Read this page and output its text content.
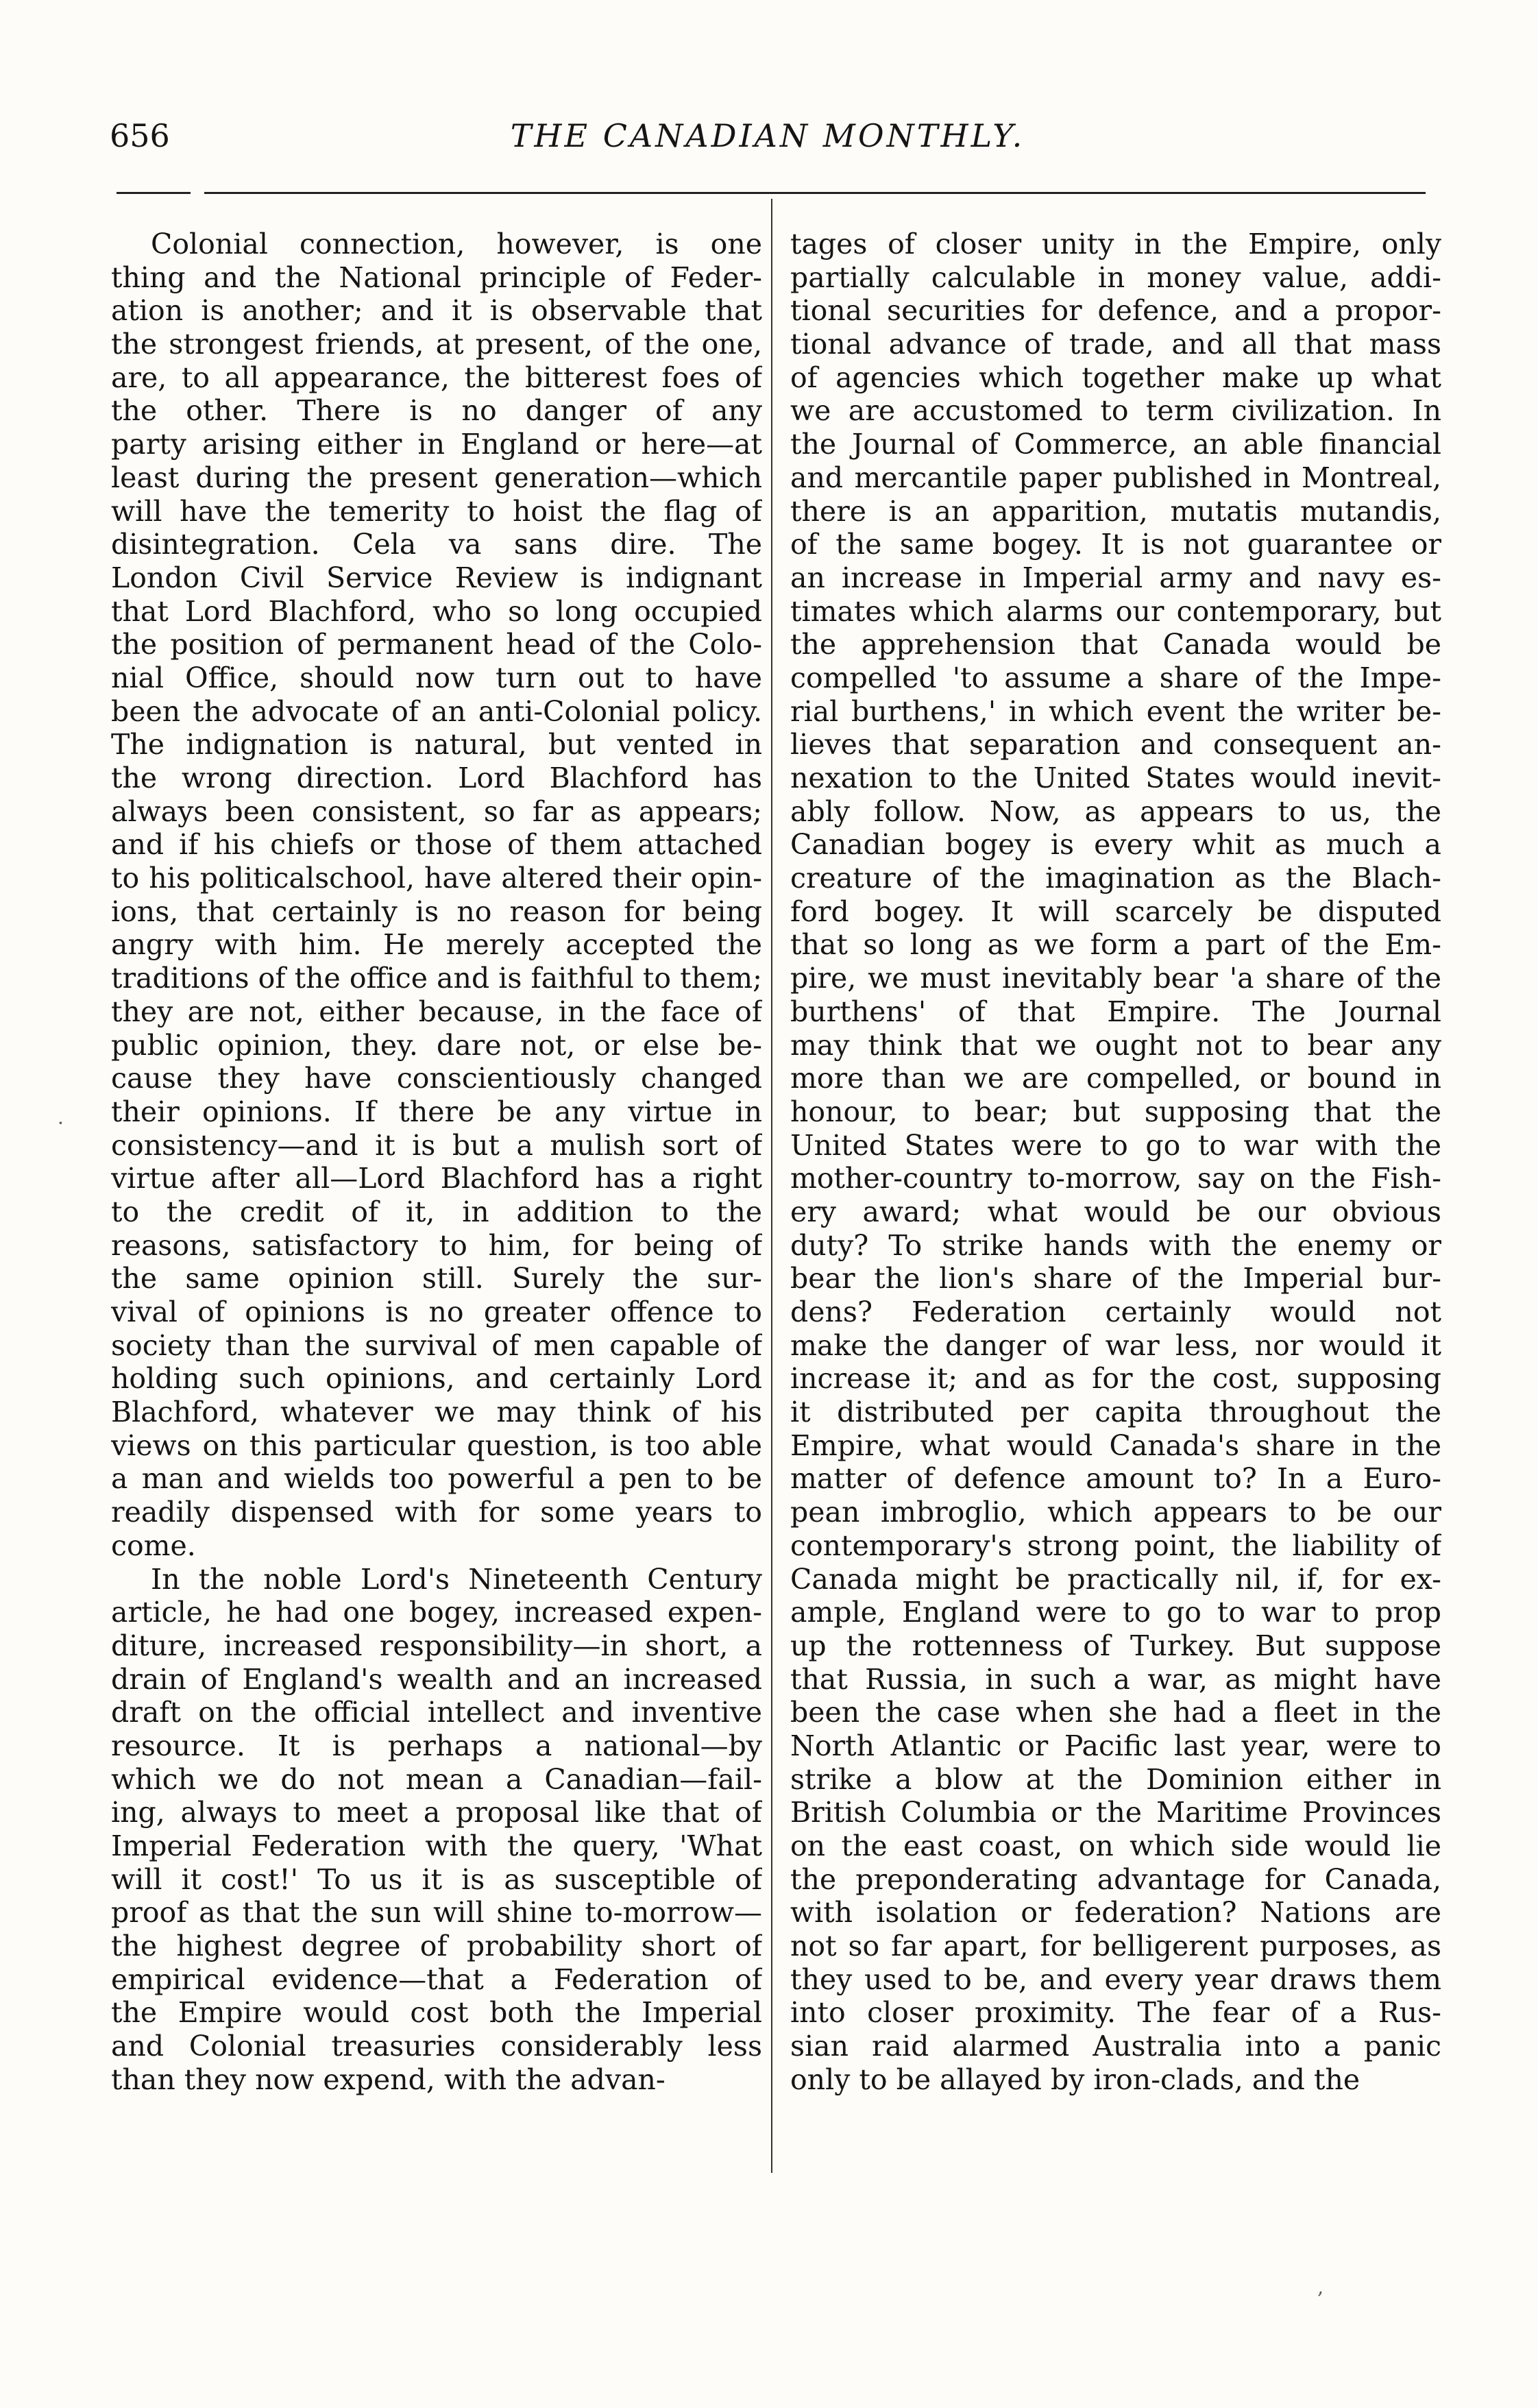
656	THE CANADIAN MONTHLY.
Colonial connection, however, is one
thing and the National principle of Feder-
ation is another; and it is observable that
the strongest friends, at present, of the one,
are, to all appearance, the bitterest foes of
the other. There is no danger of any
party arising either in England or here—at
least during the present generation—which
will have the temerity to hoist the flag of
disintegration. Cela va sans dire. The
London Civil Service Review is indignant
that Lord Blachford, who so long occupied
the position of permanent head of the Colo-
nial Office, should now turn out to have
been the advocate of an anti-Colonial policy.
The indignation is natural, but vented in
the wrong direction. Lord Blachford has
always been consistent, so far as appears;
and if his chiefs or those of them attached
to his politicalschool, have altered their opin-
ions, that certainly is no reason for being
angry with him. He merely accepted the
traditions of the office and is faithful to them;
they are not, either because, in the face of
public opinion, they. dare not, or else be-
cause they have conscientiously changed
their opinions. If there be any virtue in
consistency—and it is but a mulish sort of
virtue after all—Lord Blachford has a right
to the credit of it, in addition to the
reasons, satisfactory to him, for being of
the same opinion still. Surely the sur-
vival of opinions is no greater offence to
society than the survival of men capable of
holding such opinions, and certainly Lord
Blachford, whatever we may think of his
views on this particular question, is too able
a man and wields too powerful a pen to be
readily dispensed with for some years to
come.
In the noble Lord's Nineteenth Century
article, he had one bogey, increased expen-
diture, increased responsibility—in short, a
drain of England's wealth and an increased
draft on the official intellect and inventive
resource. It is perhaps a national—by
which we do not mean a Canadian—fail-
ing, always to meet a proposal like that of
Imperial Federation with the query, 'What
will it cost!' To us it is as susceptible of
proof as that the sun will shine to-morrow—
the highest degree of probability short of
empirical evidence—that a Federation of
the Empire would cost both the Imperial
and Colonial treasuries considerably less
than they now expend, with the advan-
tages of closer unity in the Empire, only
partially calculable in money value, addi-
tional securities for defence, and a propor-
tional advance of trade, and all that mass
of agencies which together make up what
we are accustomed to term civilization. In
the Journal of Commerce, an able financial
and mercantile paper published in Montreal,
there is an apparition, mutatis mutandis,
of the same bogey. It is not guarantee or
an increase in Imperial army and navy es-
timates which alarms our contemporary, but
the apprehension that Canada would be
compelled 'to assume a share of the Impe-
rial burthens,' in which event the writer be-
lieves that separation and consequent an-
nexation to the United States would inevit-
ably follow. Now, as appears to us, the
Canadian bogey is every whit as much a
creature of the imagination as the Blach-
ford bogey. It will scarcely be disputed
that so long as we form a part of the Em-
pire, we must inevitably bear 'a share of the
burthens' of that Empire. The Journal
may think that we ought not to bear any
more than we are compelled, or bound in
honour, to bear; but supposing that the
United States were to go to war with the
mother-country to-morrow, say on the Fish-
ery award; what would be our obvious
duty? To strike hands with the enemy or
bear the lion's share of the Imperial bur-
dens? Federation certainly would not
make the danger of war less, nor would it
increase it; and as for the cost, supposing
it distributed per capita throughout the
Empire, what would Canada's share in the
matter of defence amount to? In a Euro-
pean imbroglio, which appears to be our
contemporary's strong point, the liability of
Canada might be practically nil, if, for ex-
ample, England were to go to war to prop
up the rottenness of Turkey. But suppose
that Russia, in such a war, as might have
been the case when she had a fleet in the
North Atlantic or Pacific last year, were to
strike a blow at the Dominion either in
British Columbia or the Maritime Provinces
on the east coast, on which side would lie
the preponderating advantage for Canada,
with isolation or federation? Nations are
not so far apart, for belligerent purposes, as
they used to be, and every year draws them
into closer proximity. The fear of a Rus-
sian raid alarmed Australia into a panic
only to be allayed by iron-clads, and the
·
‚
